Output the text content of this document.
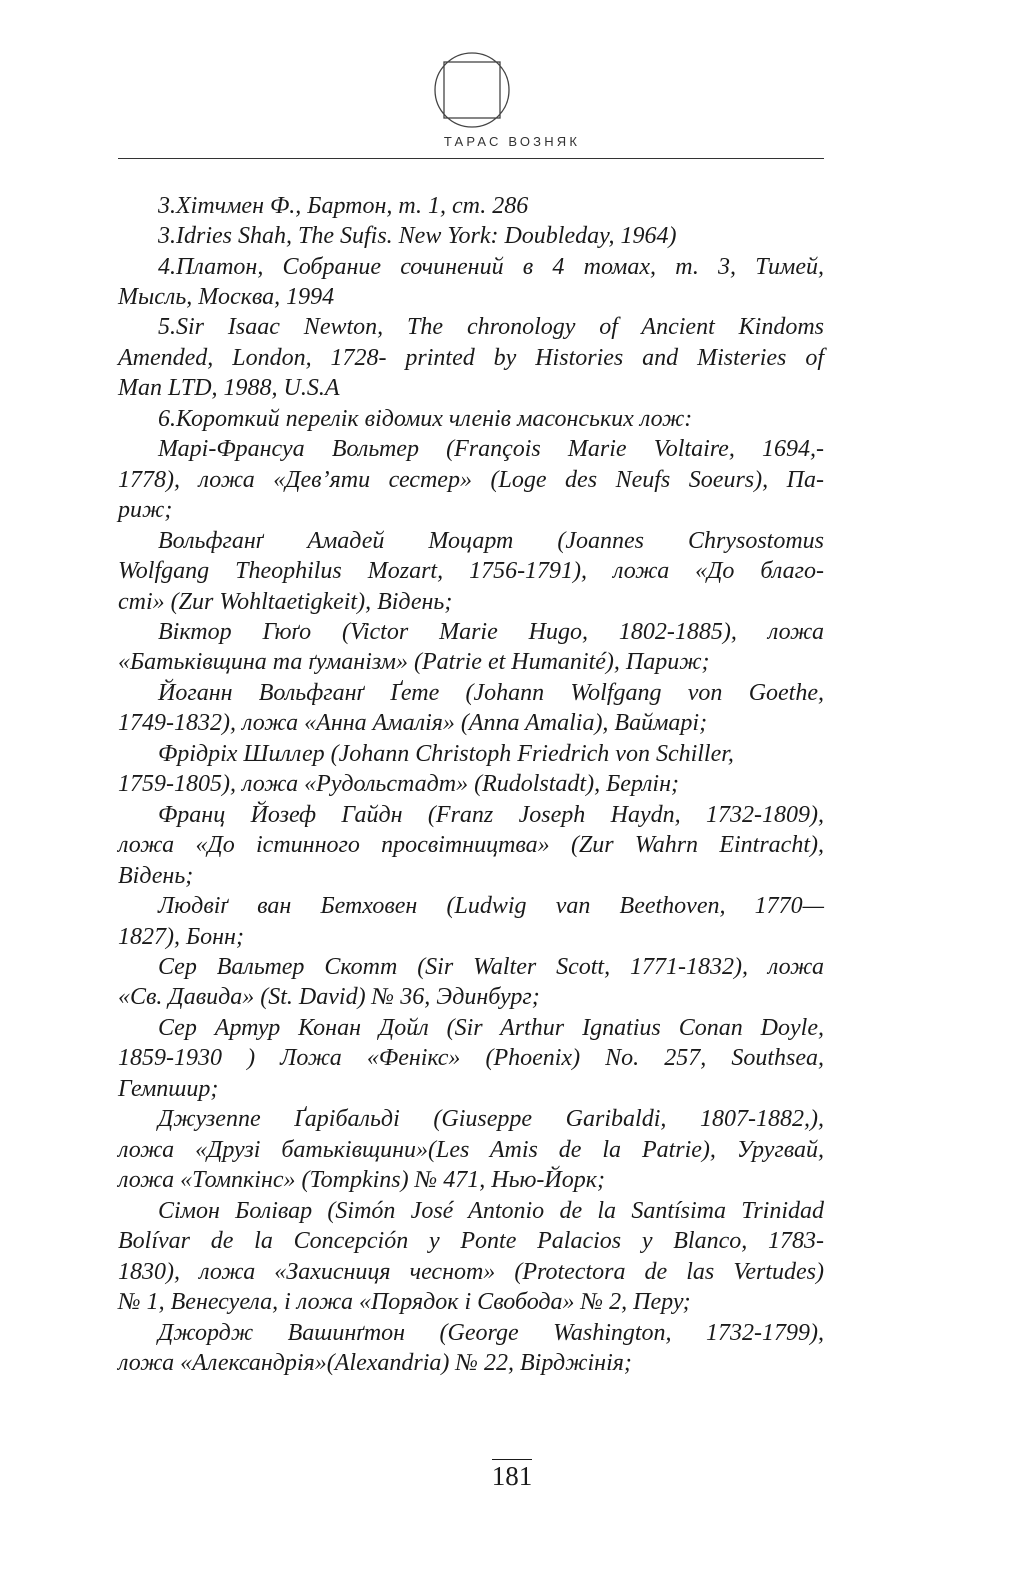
ТАРАС ВОЗНЯК
3.Хітчмен Ф., Бартон, т. 1, ст. 286
3.Idries Shah, The Sufis. New York: Doubleday, 1964)
4.Платон, Собрание сочинений в 4 томах, т. 3, Тимей,
Мысль, Москва, 1994
5.Sir Isaac Newton, The chronology of Ancient Kindoms
Amended, London, 1728- printed by Histories and Misteries of
Man LTD, 1988, U.S.A
6.Короткий перелік відомих членів масонських лож:
Марі-Франсуа Вольтер (François Marie Voltaire, 1694,-
1778), ложа «Дев’яти сестер» (Loge des Neufs Soeurs), Па-
риж;
Вольфганґ Амадей Моцарт (Joannes Chrysostomus
Wolfgang Theophilus Mozart, 1756-1791), ложа «До благо-
сті» (Zur Wohltaetigkeit), Відень;
Віктор Гюґо (Victor Marie Hugo, 1802-1885), ложа
«Батьківщина та ґуманізм» (Patrie et Humanité), Париж;
Йоганн Вольфганґ Ґете (Johann Wolfgang von Goethe,
1749-1832), ложа «Анна Амалія» (Anna Amalia), Ваймарі;
Фрідріх Шиллер (Johann Christoph Friedrich von Schiller,
1759-1805), ложа «Рудольстадт» (Rudolstadt), Берлін;
Франц Йозеф Гайдн (Franz Joseph Haydn, 1732-1809),
ложа «До істинного просвітництва» (Zur Wahrn Eintracht),
Відень;
Людвіґ ван Бетховен (Ludwig van Beethoven, 1770—
1827), Бонн;
Сер Вальтер Скотт (Sir Walter Scott, 1771-1832), ложа
«Св. Давида» (St. David) № 36, Эдинбург;
Сер Артур Конан Дойл (Sir Arthur Ignatius Conan Doyle,
1859-1930 ) Ложа «Фенікс» (Phoenix) No. 257, Southsea,
Гемпшир;
Джузеппе Ґарібальді (Giuseppe Garibaldi, 1807-1882,),
ложа «Друзі батьківщини»(Les Amis de la Patrie), Уругвай,
ложа «Томпкінс» (Tompkins) № 471, Нью-Йорк;
Сімон Болівар (Simón José Antonio de la Santísima Trinidad
Bolívar de la Concepción y Ponte Palacios y Blanco, 1783-
1830), ложа «Захисниця чеснот» (Protectora de las Vertudes)
№ 1, Венесуела, і ложа «Порядок і Свобода» № 2, Перу;
Джордж Вашинґтон (George Washington, 1732-1799),
ложа «Александрія»(Alexandria) № 22, Вірджінія;
181
